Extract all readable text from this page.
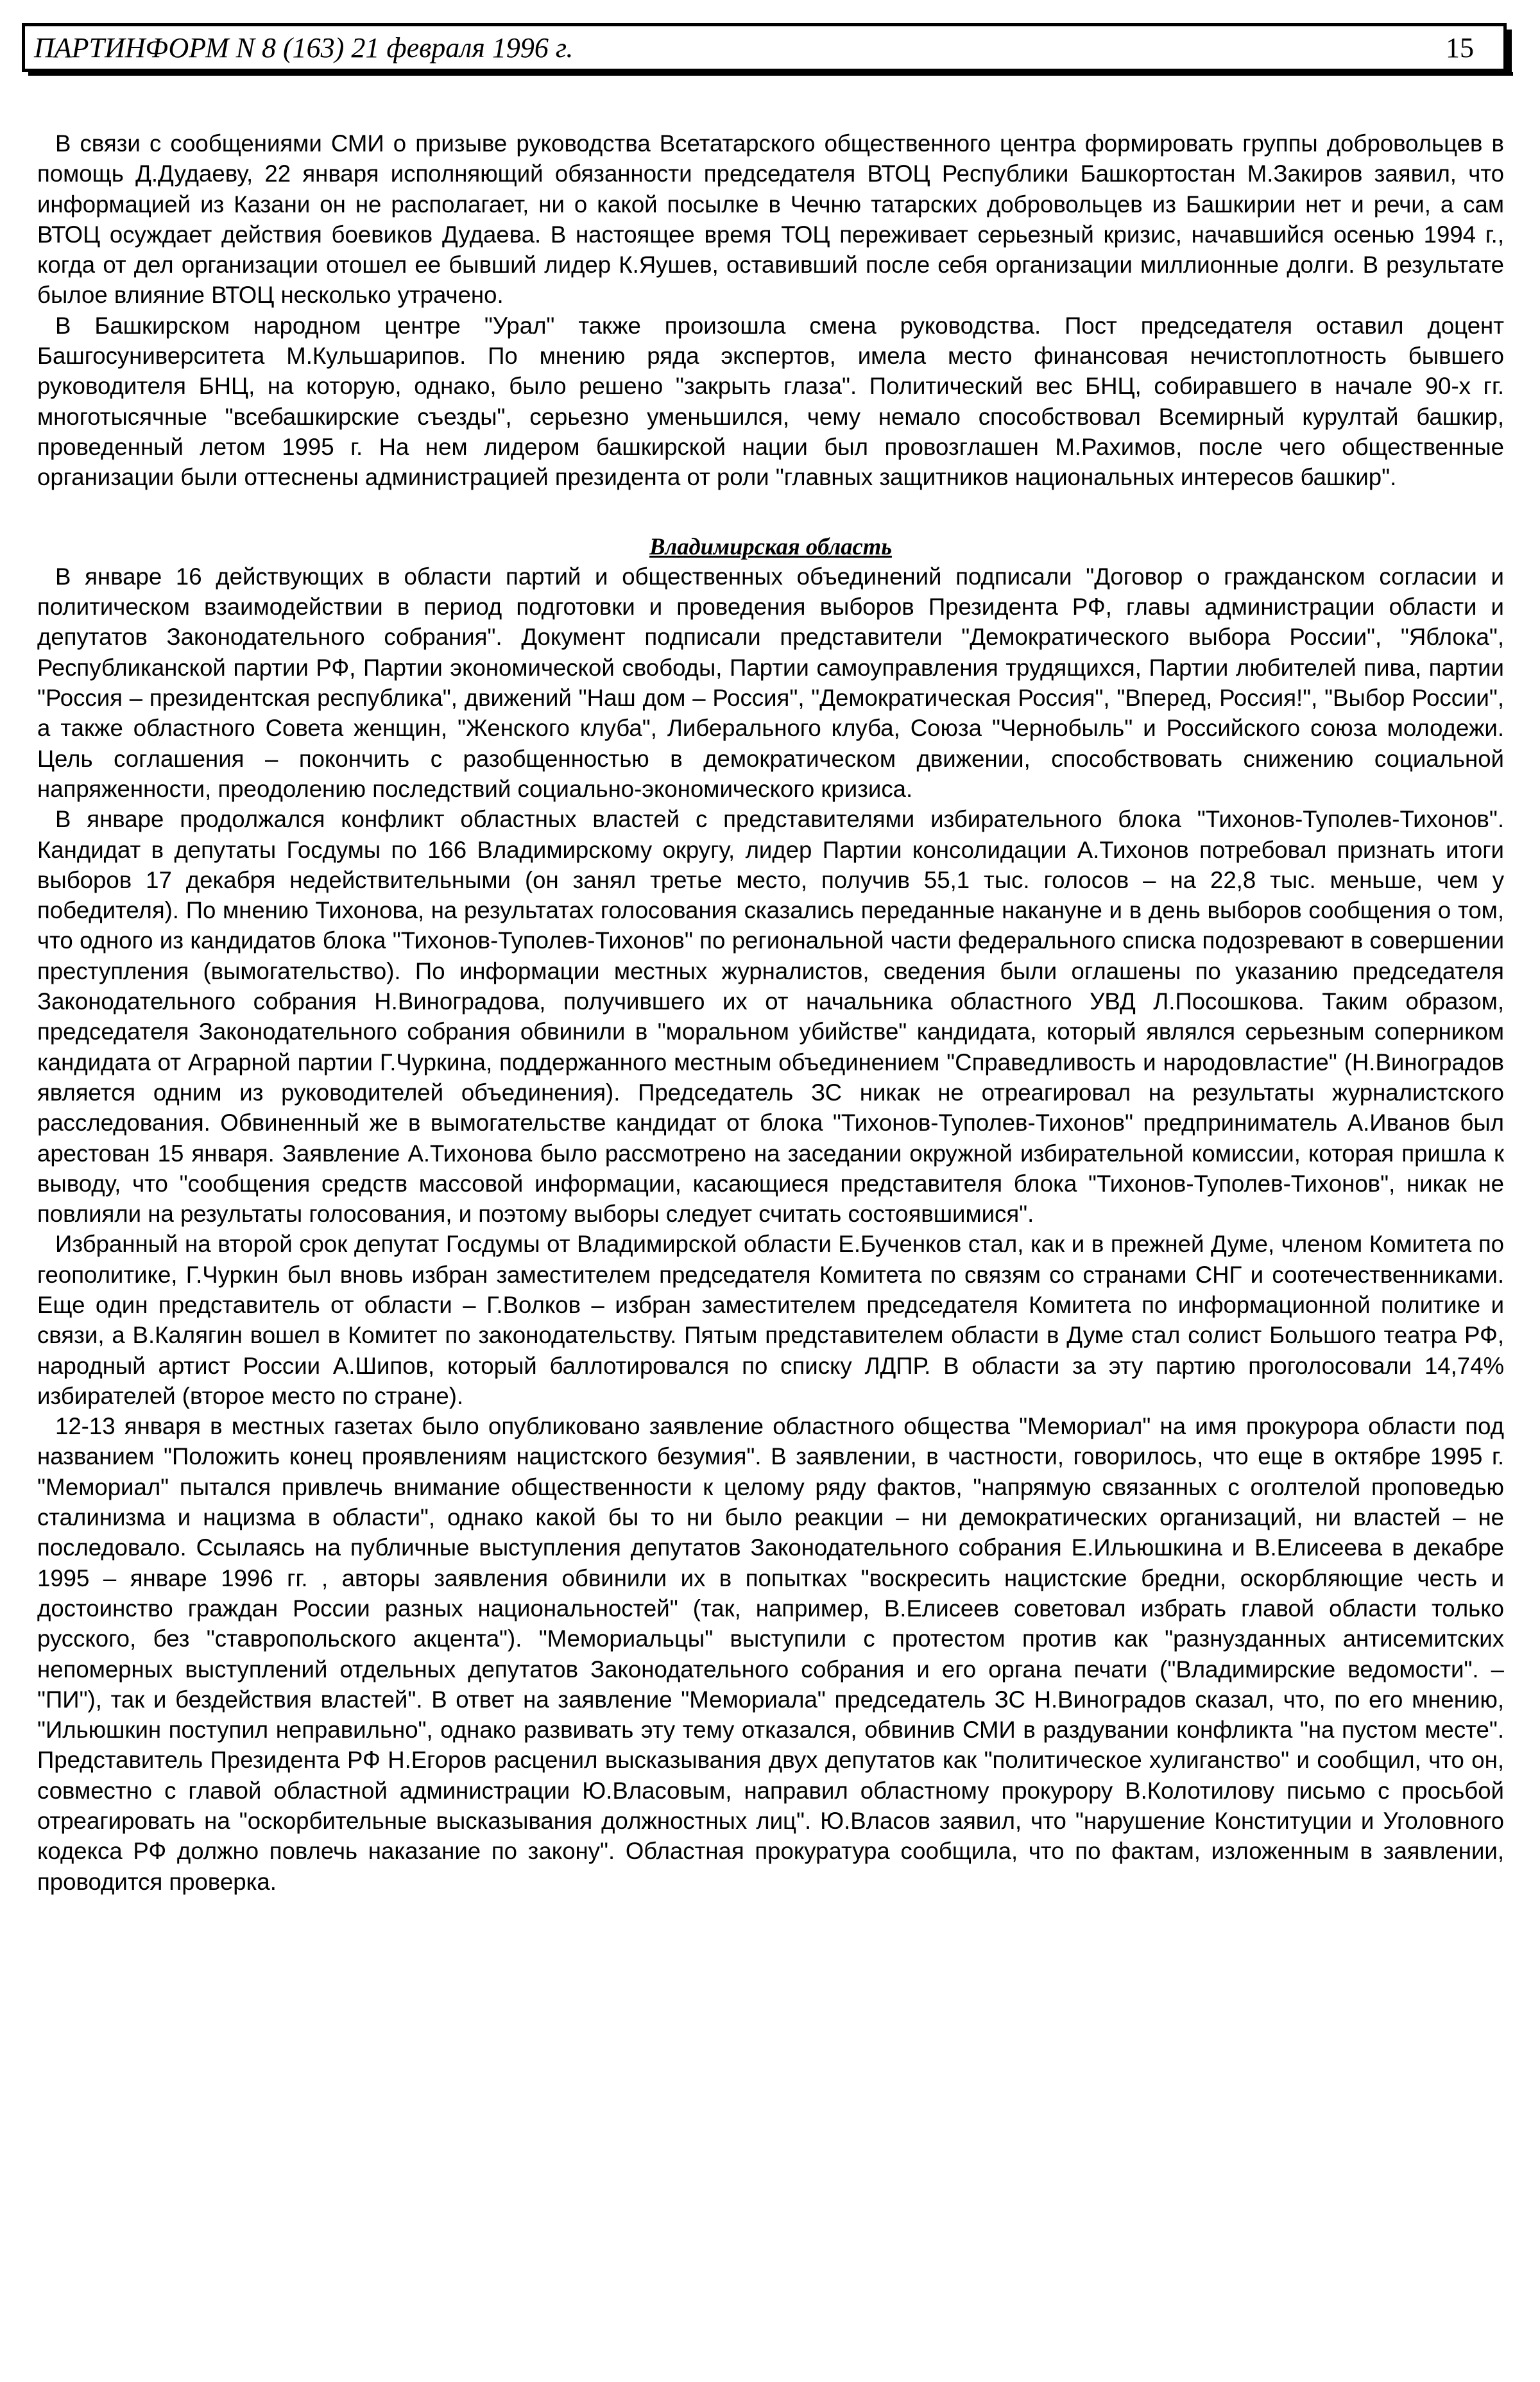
ПАРТИНФОРМ N 8 (163) 21 февраля 1996 г.	15

В связи с сообщениями СМИ о призыве руководства Всетатарского общественного центра формировать группы добровольцев в помощь Д.Дудаеву, 22 января исполняющий обязанности председателя ВТОЦ Республики Башкортостан М.Закиров заявил, что информацией из Казани он не располагает, ни о какой посылке в Чечню татарских добровольцев из Башкирии нет и речи, а сам ВТОЦ осуждает действия боевиков Дудаева. В настоящее время ТОЦ переживает серьезный кризис, начавшийся осенью 1994 г., когда от дел организации отошел ее бывший лидер К.Яушев, оставивший после себя организации миллионные долги. В результате былое влияние ВТОЦ несколько утрачено.

В Башкирском народном центре "Урал" также произошла смена руководства. Пост председателя оставил доцент Башгосуниверситета М.Кульшарипов. По мнению ряда экспертов, имела место финансовая нечистоплотность бывшего руководителя БНЦ, на которую, однако, было решено "закрыть глаза". Политический вес БНЦ, собиравшего в начале 90-х гг. многотысячные "всебашкирские съезды", серьезно уменьшился, чему немало способствовал Всемирный курултай башкир, проведенный летом 1995 г. На нем лидером башкирской нации был провозглашен М.Рахимов, после чего общественные организации были оттеснены администрацией президента от роли "главных защитников национальных интересов башкир".

Владимирская область

В январе 16 действующих в области партий и общественных объединений подписали "Договор о гражданском согласии и политическом взаимодействии в период подготовки и проведения выборов Президента РФ, главы администрации области и депутатов Законодательного собрания". Документ подписали представители "Демократического выбора России", "Яблока", Республиканской партии РФ, Партии экономической свободы, Партии самоуправления трудящихся, Партии любителей пива, партии "Россия – президентская республика", движений "Наш дом – Россия", "Демократическая Россия", "Вперед, Россия!", "Выбор России", а также областного Совета женщин, "Женского клуба", Либерального клуба, Союза "Чернобыль" и Российского союза молодежи. Цель соглашения – покончить с разобщенностью в демократическом движении, способствовать снижению социальной напряженности, преодолению последствий социально-экономического кризиса.

В январе продолжался конфликт областных властей с представителями избирательного блока "Тихонов-Туполев-Тихонов". Кандидат в депутаты Госдумы по 166 Владимирскому округу, лидер Партии консолидации А.Тихонов потребовал признать итоги выборов 17 декабря недействительными (он занял третье место, получив 55,1 тыс. голосов – на 22,8 тыс. меньше, чем у победителя). По мнению Тихонова, на результатах голосования сказались переданные накануне и в день выборов сообщения о том, что одного из кандидатов блока "Тихонов-Туполев-Тихонов" по региональной части федерального списка подозревают в совершении преступления (вымогательство). По информации местных журналистов, сведения были оглашены по указанию председателя Законодательного собрания Н.Виноградова, получившего их от начальника областного УВД Л.Посошкова. Таким образом, председателя Законодательного собрания обвинили в "моральном убийстве" кандидата, который являлся серьезным соперником кандидата от Аграрной партии Г.Чуркина, поддержанного местным объединением "Справедливость и народовластие" (Н.Виноградов является одним из руководителей объединения). Председатель ЗС никак не отреагировал на результаты журналистского расследования. Обвиненный же в вымогательстве кандидат от блока "Тихонов-Туполев-Тихонов" предприниматель А.Иванов был арестован 15 января. Заявление А.Тихонова было рассмотрено на заседании окружной избирательной комиссии, которая пришла к выводу, что "сообщения средств массовой информации, касающиеся представителя блока "Тихонов-Туполев-Тихонов", никак не повлияли на результаты голосования, и поэтому выборы следует считать состоявшимися".

Избранный на второй срок депутат Госдумы от Владимирской области Е.Бученков стал, как и в прежней Думе, членом Комитета по геополитике, Г.Чуркин был вновь избран заместителем председателя Комитета по связям со странами СНГ и соотечественниками. Еще один представитель от области – Г.Волков – избран заместителем председателя Комитета по информационной политике и связи, а В.Калягин вошел в Комитет по законодательству. Пятым представителем области в Думе стал солист Большого театра РФ, народный артист России А.Шипов, который баллотировался по списку ЛДПР. В области за эту партию проголосовали 14,74% избирателей (второе место по стране).

12-13 января в местных газетах было опубликовано заявление областного общества "Мемориал" на имя прокурора области под названием "Положить конец проявлениям нацистского безумия". В заявлении, в частности, говорилось, что еще в октябре 1995 г. "Мемориал" пытался привлечь внимание общественности к целому ряду фактов, "напрямую связанных с оголтелой проповедью сталинизма и нацизма в области", однако какой бы то ни было реакции – ни демократических организаций, ни властей – не последовало. Ссылаясь на публичные выступления депутатов Законодательного собрания Е.Ильюшкина и В.Елисеева в декабре 1995 – январе 1996 гг. , авторы заявления обвинили их в попытках "воскресить нацистские бредни, оскорбляющие честь и достоинство граждан России разных национальностей" (так, например, В.Елисеев советовал избрать главой области только русского, без "ставропольского акцента"). "Мемориальцы" выступили с протестом против как "разнузданных антисемитских непомерных выступлений отдельных депутатов Законодательного собрания и его органа печати ("Владимирские ведомости". – "ПИ"), так и бездействия властей". В ответ на заявление "Мемориала" председатель ЗС Н.Виноградов сказал, что, по его мнению, "Ильюшкин поступил неправильно", однако развивать эту тему отказался, обвинив СМИ в раздувании конфликта "на пустом месте". Представитель Президента РФ Н.Егоров расценил высказывания двух депутатов как "политическое хулиганство" и сообщил, что он, совместно с главой областной администрации Ю.Власовым, направил областному прокурору В.Колотилову письмо с просьбой отреагировать на "оскорбительные высказывания должностных лиц". Ю.Власов заявил, что "нарушение Конституции и Уголовного кодекса РФ должно повлечь наказание по закону". Областная прокуратура сообщила, что по фактам, изложенным в заявлении, проводится проверка.
